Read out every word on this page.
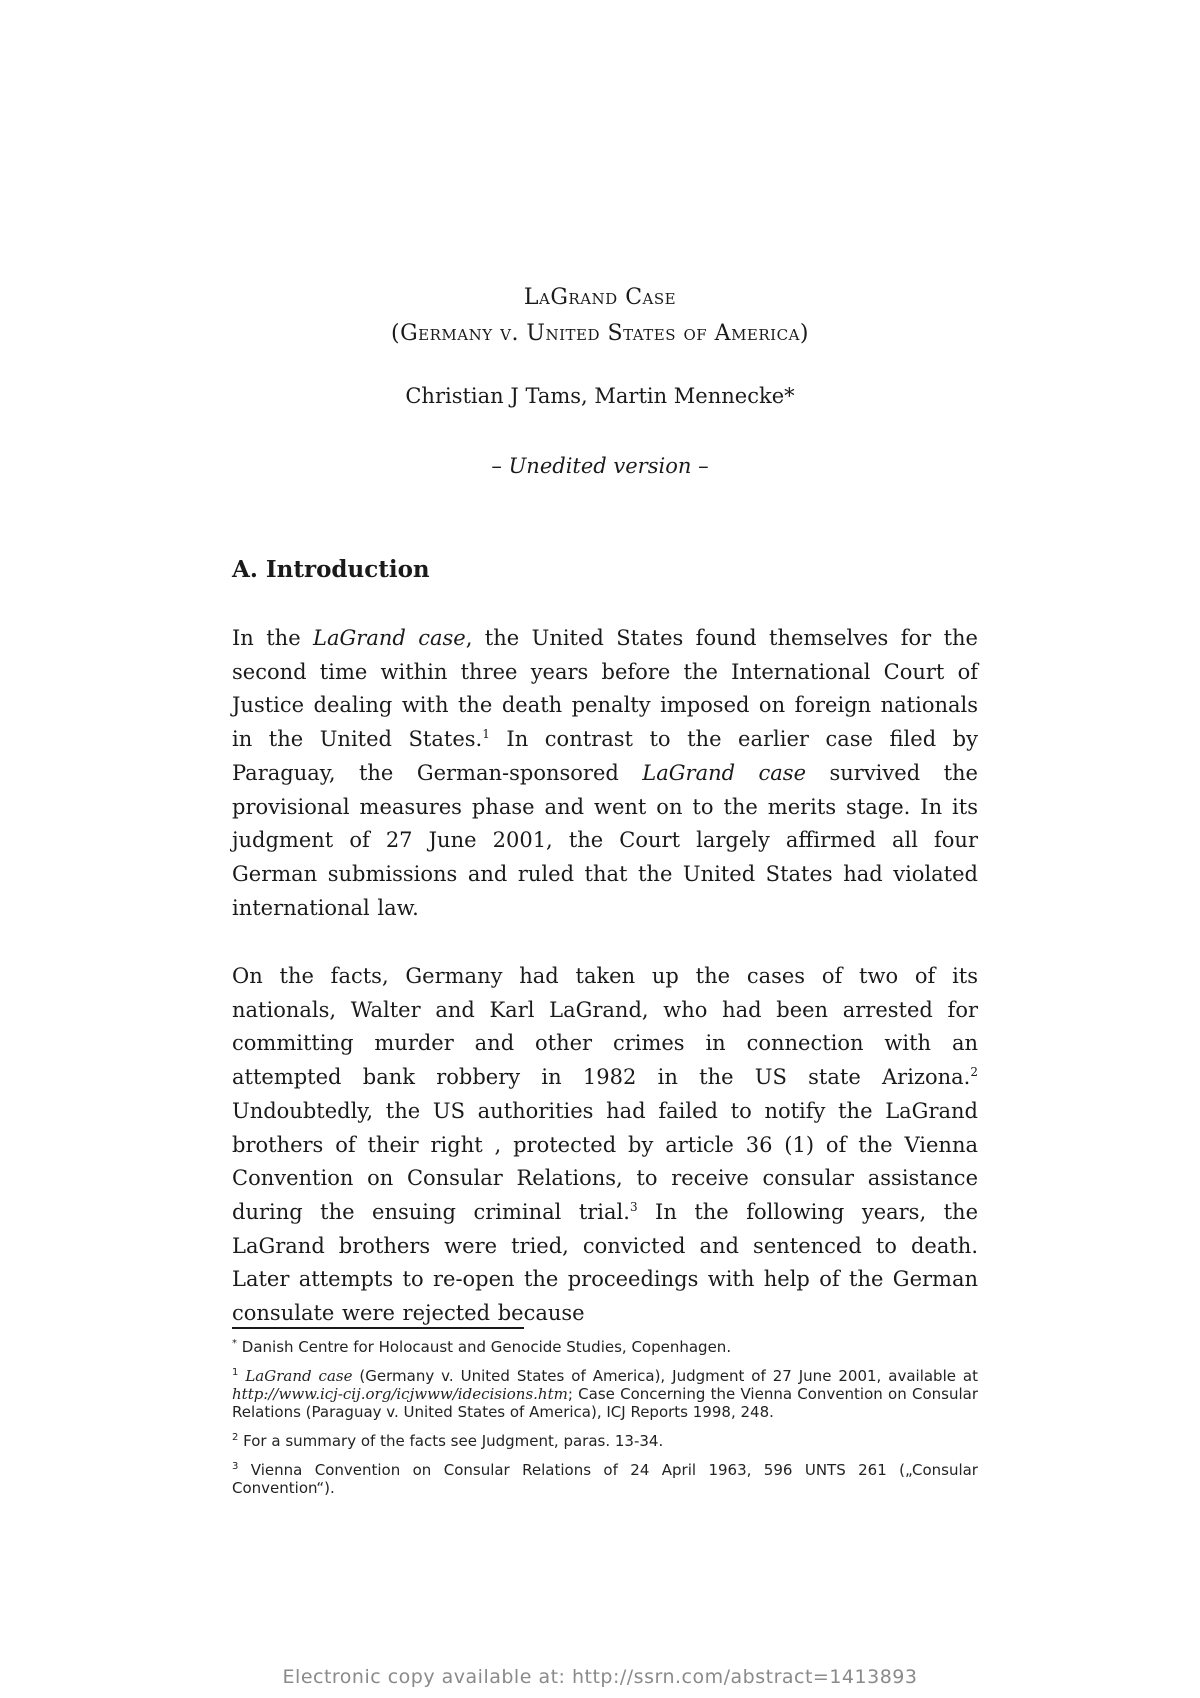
LaGrand Case
(Germany v. United States of America)
Christian J Tams, Martin Mennecke*
– Unedited version –
A. Introduction

In the LaGrand case, the United States found themselves for the second time within three years before the International Court of Justice dealing with the death penalty imposed on foreign nationals in the United States.$^1$ In contrast to the earlier case filed by Paraguay, the German-sponsored LaGrand case survived the provisional measures phase and went on to the merits stage. In its judgment of 27 June 2001, the Court largely affirmed all four German submissions and ruled that the United States had violated international law.

On the facts, Germany had taken up the cases of two of its nationals, Walter and Karl LaGrand, who had been arrested for committing murder and other crimes in connection with an attempted bank robbery in 1982 in the US state Arizona.$^2$ Undoubtedly, the US authorities had failed to notify the LaGrand brothers of their right , protected by article 36 (1) of the Vienna Convention on Consular Relations, to receive consular assistance during the ensuing criminal trial.$^3$ In the following years, the LaGrand brothers were tried, convicted and sentenced to death. Later attempts to re-open the proceedings with help of the German consulate were rejected because

* Danish Centre for Holocaust and Genocide Studies, Copenhagen.

$^1$ LaGrand case (Germany v. United States of America), Judgment of 27 June 2001, available at http://www.icj-cij.org/icjwww/idecisions.htm; Case Concerning the Vienna Convention on Consular Relations (Paraguay v. United States of America), ICJ Reports 1998, 248.

$^2$ For a summary of the facts see Judgment, paras. 13-34.

$^3$ Vienna Convention on Consular Relations of 24 April 1963, 596 UNTS 261 („Consular Convention“).

Electronic copy available at: http://ssrn.com/abstract=1413893
